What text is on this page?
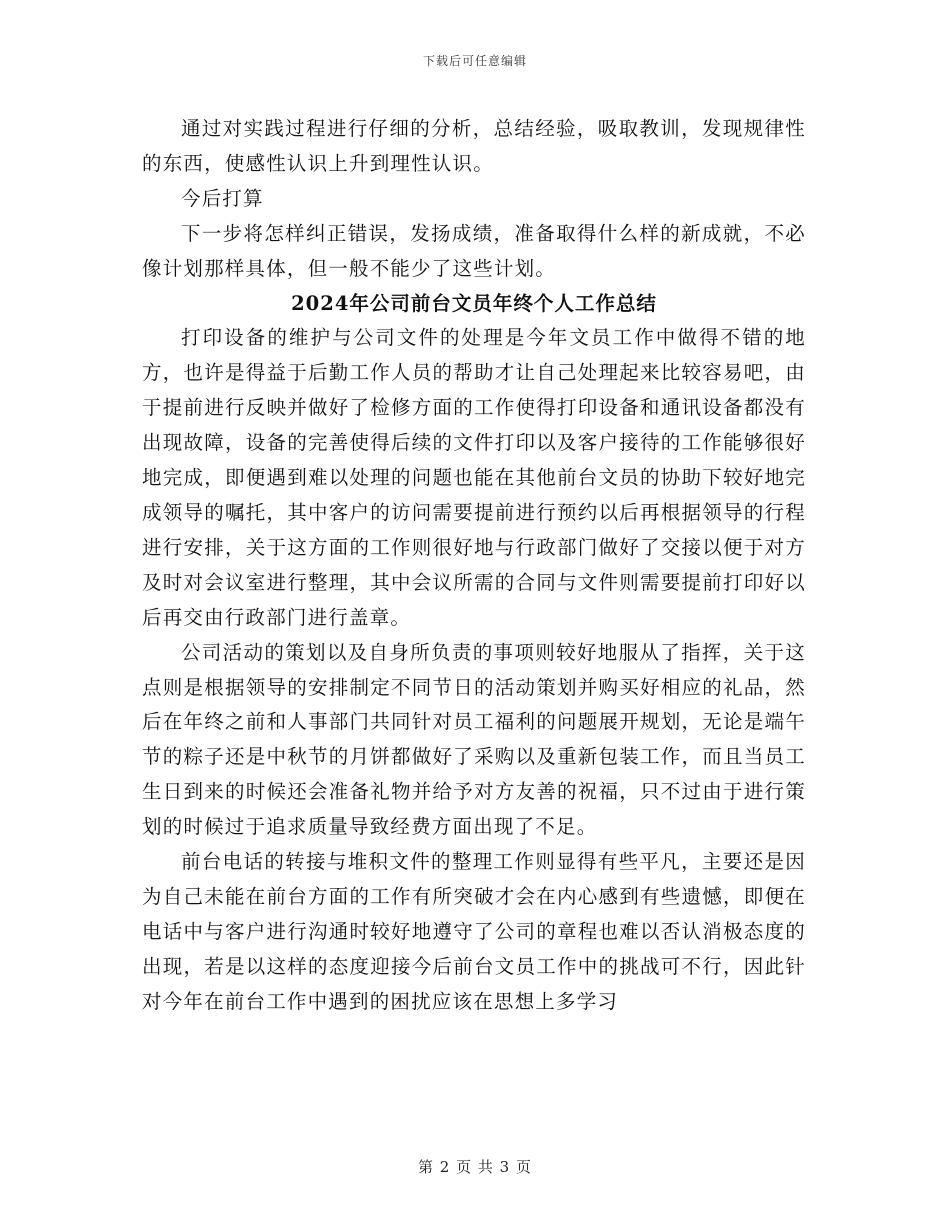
下载后可任意编辑

通过对实践过程进行仔细的分析，总结经验，吸取教训，发现规律性的东西，使感性认识上升到理性认识。

今后打算

下一步将怎样纠正错误，发扬成绩，准备取得什么样的新成就，不必像计划那样具体，但一般不能少了这些计划。

2024年公司前台文员年终个人工作总结

打印设备的维护与公司文件的处理是今年文员工作中做得不错的地方，也许是得益于后勤工作人员的帮助才让自己处理起来比较容易吧，由于提前进行反映并做好了检修方面的工作使得打印设备和通讯设备都没有出现故障，设备的完善使得后续的文件打印以及客户接待的工作能够很好地完成，即便遇到难以处理的问题也能在其他前台文员的协助下较好地完成领导的嘱托，其中客户的访问需要提前进行预约以后再根据领导的行程进行安排，关于这方面的工作则很好地与行政部门做好了交接以便于对方及时对会议室进行整理，其中会议所需的合同与文件则需要提前打印好以后再交由行政部门进行盖章。

公司活动的策划以及自身所负责的事项则较好地服从了指挥，关于这点则是根据领导的安排制定不同节日的活动策划并购买好相应的礼品，然后在年终之前和人事部门共同针对员工福利的问题展开规划，无论是端午节的粽子还是中秋节的月饼都做好了采购以及重新包装工作，而且当员工生日到来的时候还会准备礼物并给予对方友善的祝福，只不过由于进行策划的时候过于追求质量导致经费方面出现了不足。

前台电话的转接与堆积文件的整理工作则显得有些平凡，主要还是因为自己未能在前台方面的工作有所突破才会在内心感到有些遗憾，即便在电话中与客户进行沟通时较好地遵守了公司的章程也难以否认消极态度的出现，若是以这样的态度迎接今后前台文员工作中的挑战可不行，因此针对今年在前台工作中遇到的困扰应该在思想上多学习

第 2 页 共 3 页
